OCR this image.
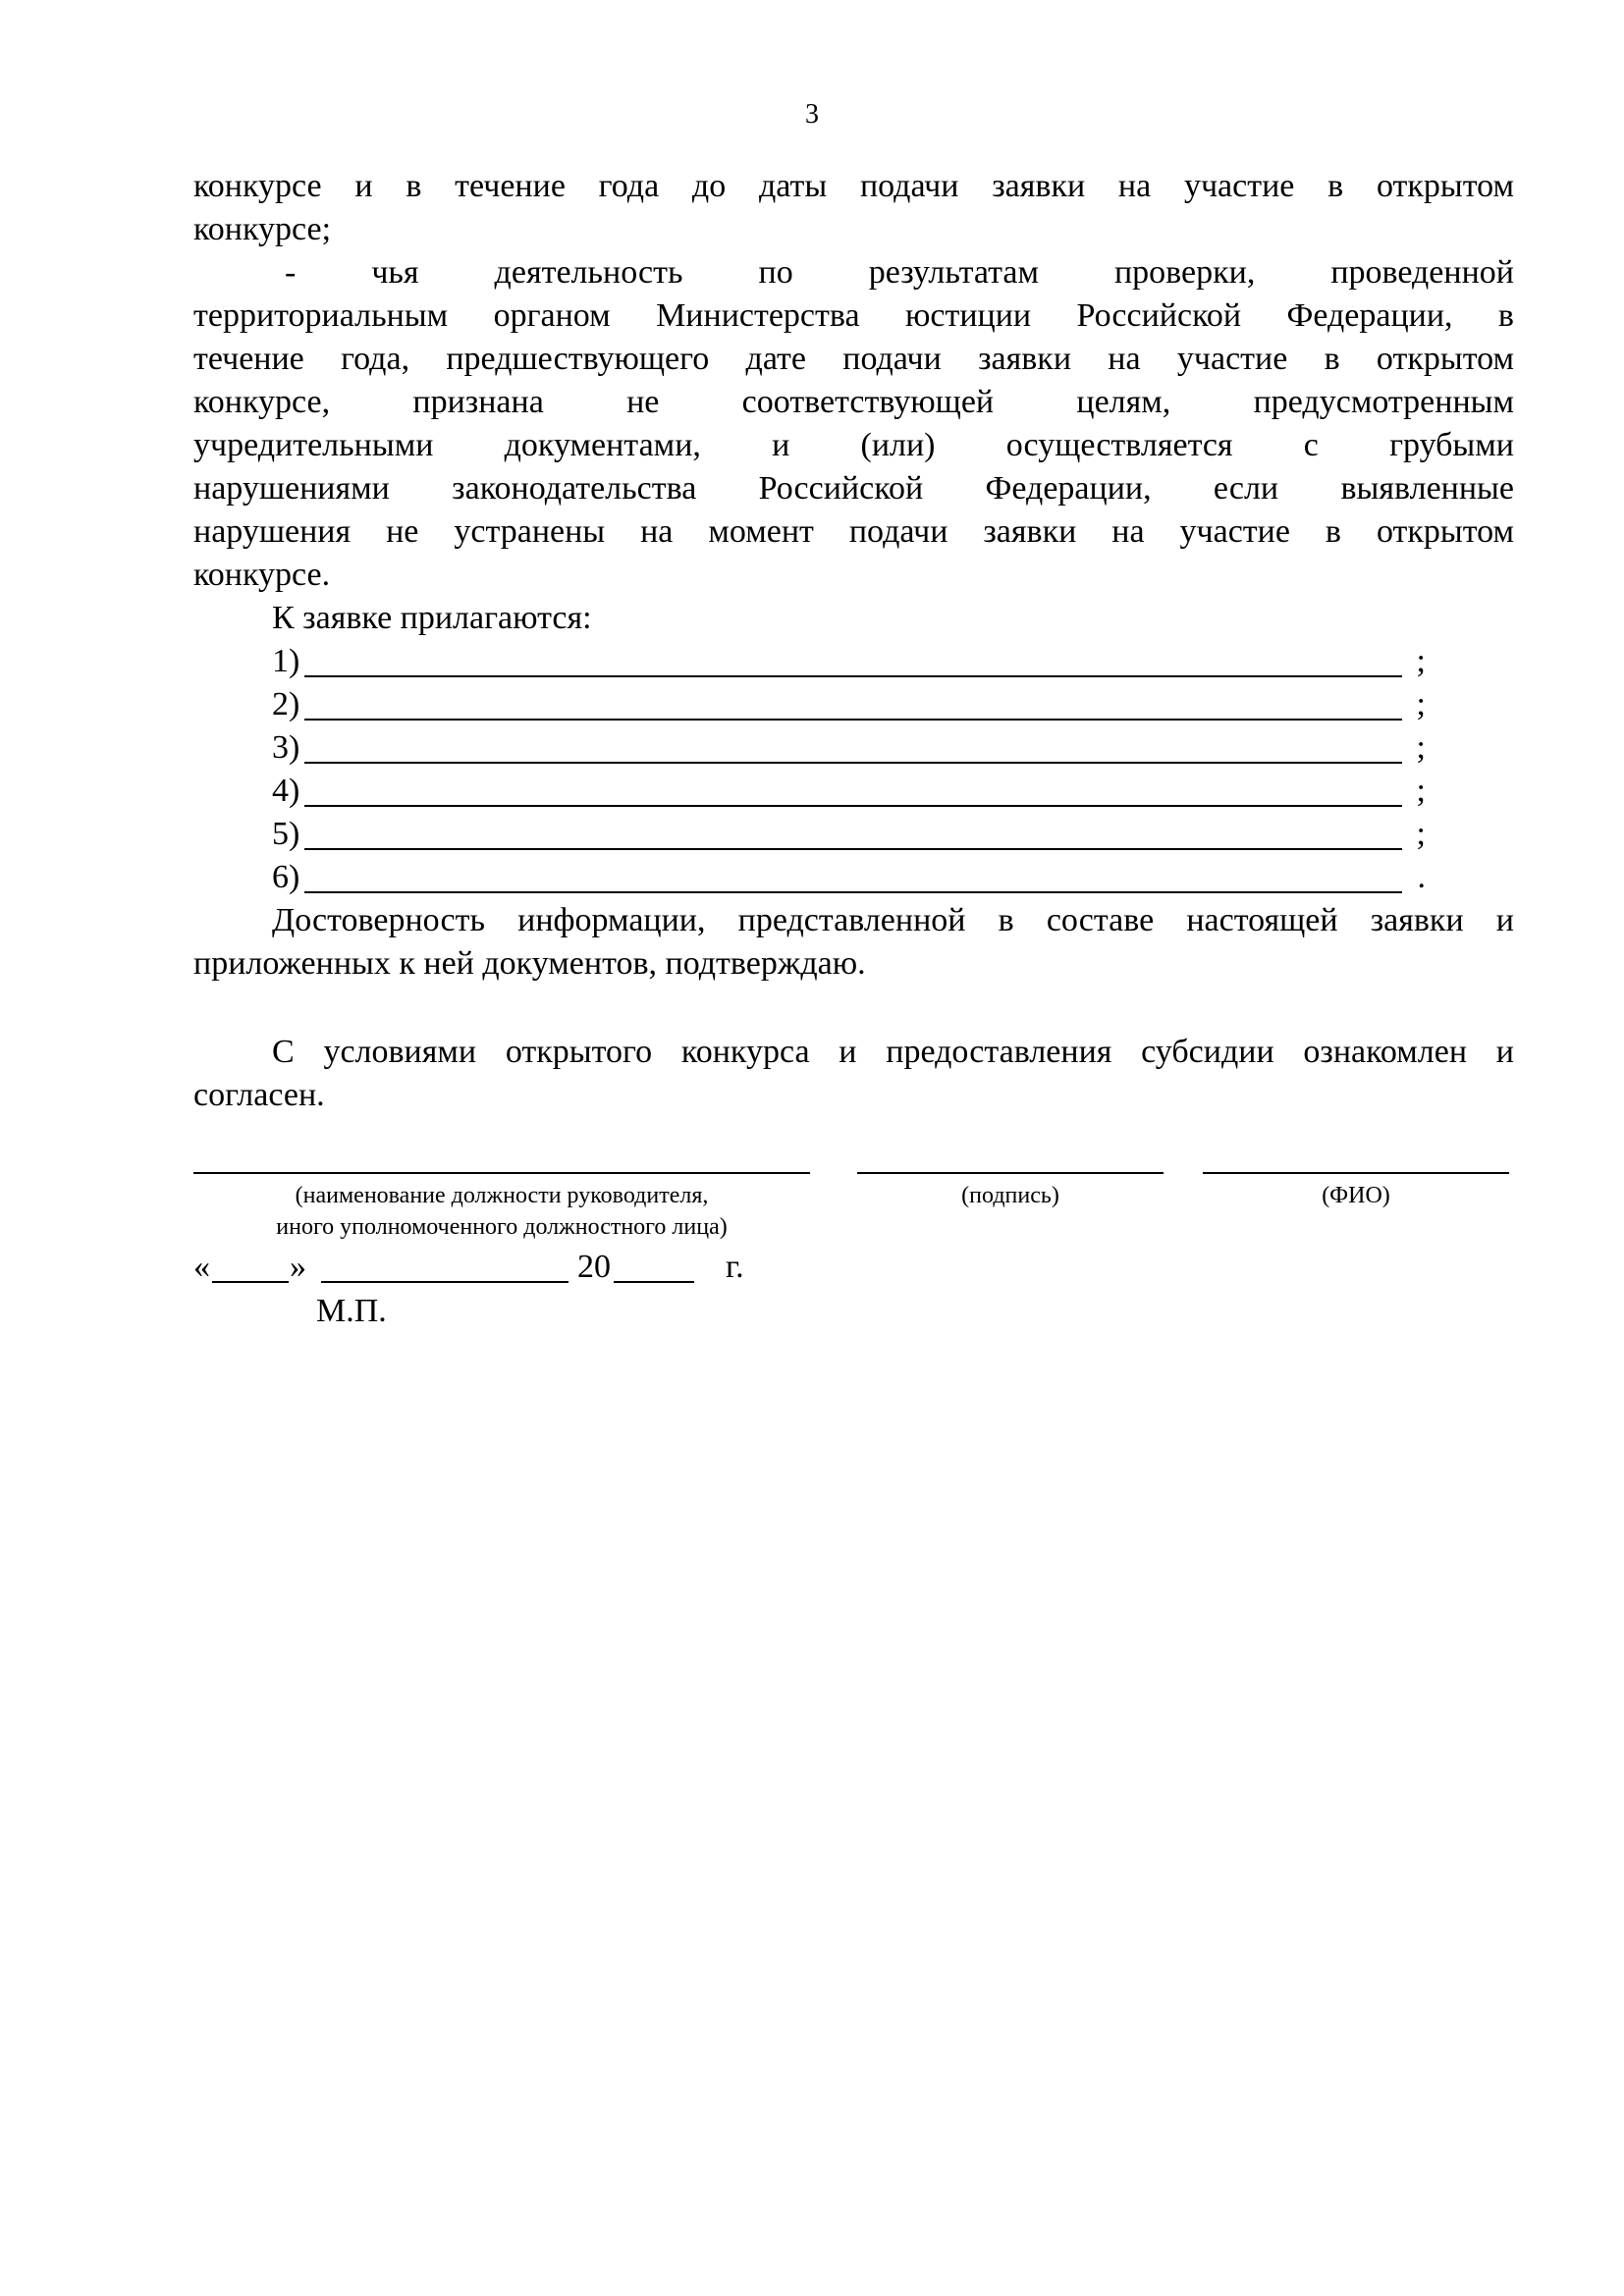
3
конкурсе и в течение года до даты подачи заявки на участие в открытом
конкурсе;
- чья деятельность по результатам проверки, проведенной
территориальным органом Министерства юстиции Российской Федерации, в
течение года, предшествующего дате подачи заявки на участие в открытом
конкурсе, признана не соответствующей целям, предусмотренным
учредительными документами, и (или) осуществляется с грубыми
нарушениями законодательства Российской Федерации, если выявленные
нарушения не устранены на момент подачи заявки на участие в открытом
конкурсе.
К заявке прилагаются:
1)	;
2)	;
3)	;
4)	;
5)	;
6)	.
Достоверность информации, представленной в составе настоящей заявки и
приложенных к ней документов, подтверждаю.
С условиями открытого конкурса и предоставления субсидии ознакомлен и
согласен.
(наименование должности руководителя,
иного уполномоченного должностного лица)
(подпись)	(ФИО)
« »	20	г.
М.П.
